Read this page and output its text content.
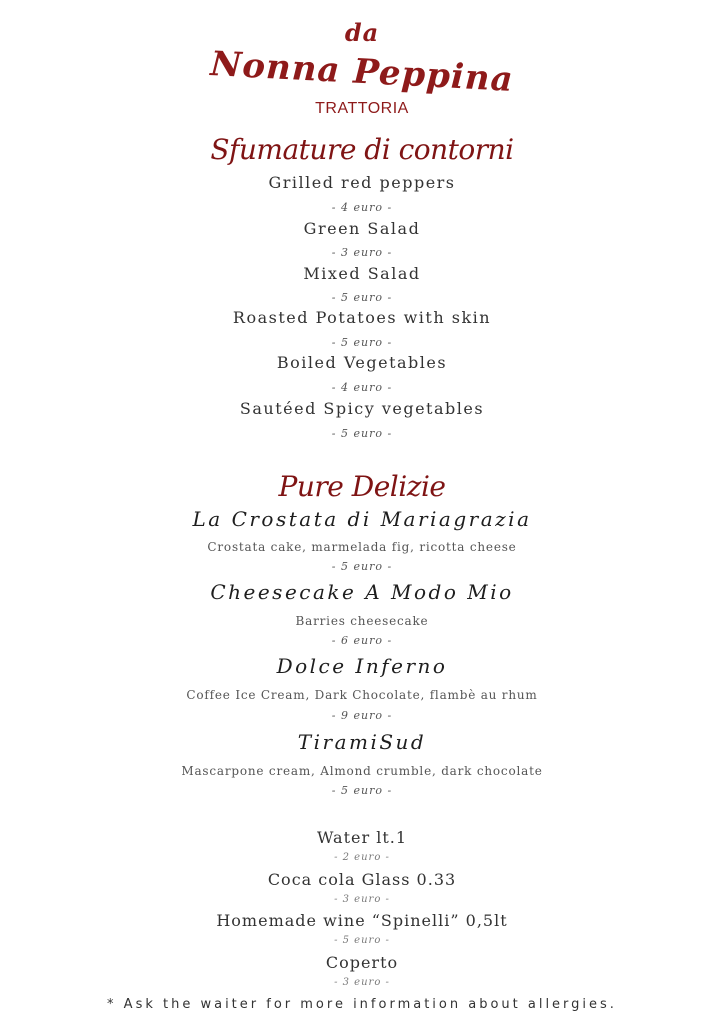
da
Nonna Peppina
TRATTORIA
Sfumature di contorni
Grilled red peppers
- 4 euro -
Green Salad
- 3 euro -
Mixed Salad
- 5 euro -
Roasted Potatoes with skin
- 5 euro -
Boiled Vegetables
- 4 euro -
Sautéed Spicy vegetables
- 5 euro -
Pure Delizie
La Crostata di Mariagrazia
Crostata cake, marmelada fig, ricotta cheese
- 5 euro -
Cheesecake A Modo Mio
Barries cheesecake
- 6 euro -
Dolce Inferno
Coffee Ice Cream, Dark Chocolate, flambè au rhum
- 9 euro -
TiramiSud
Mascarpone cream, Almond crumble, dark chocolate
- 5 euro -
Water lt.1
- 2 euro -
Coca cola Glass 0.33
- 3 euro -
Homemade wine “Spinelli” 0,5lt
- 5 euro -
Coperto
- 3 euro -
* Ask the waiter for more information about allergies.
